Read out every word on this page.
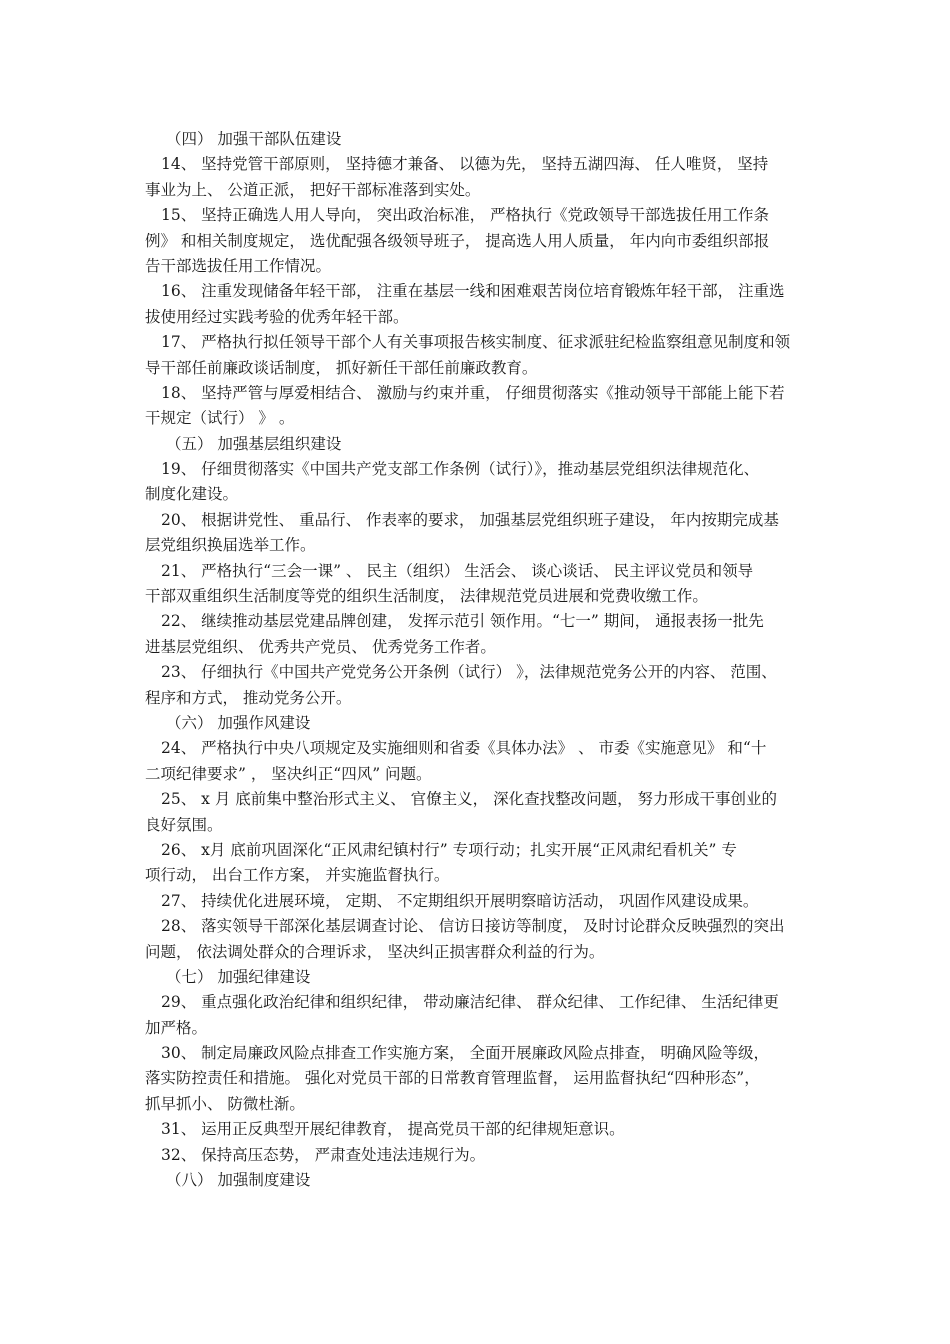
（四） 加强干部队伍建设
14、 坚持党管干部原则， 坚持德才兼备、 以德为先， 坚持五湖四海、 任人唯贤， 坚持
事业为上、 公道正派， 把好干部标准落到实处。
15、 坚持正确选人用人导向， 突出政治标准， 严格执行《党政领导干部选拔任用工作条
例》 和相关制度规定， 选优配强各级领导班子， 提高选人用人质量， 年内向市委组织部报
告干部选拔任用工作情况。
16、 注重发现储备年轻干部， 注重在基层一线和困难艰苦岗位培育锻炼年轻干部， 注重选
拔使用经过实践考验的优秀年轻干部。
17、 严格执行拟任领导干部个人有关事项报告核实制度、征求派驻纪检监察组意见制度和领
导干部任前廉政谈话制度， 抓好新任干部任前廉政教育。
18、 坚持严管与厚爱相结合、 激励与约束并重， 仔细贯彻落实《推动领导干部能上能下若
干规定（试行） 》 。
（五） 加强基层组织建设
19、 仔细贯彻落实《中国共产党支部工作条例（试行）》，推动基层党组织法律规范化、
制度化建设。
20、 根据讲党性、 重品行、 作表率的要求， 加强基层党组织班子建设， 年内按期完成基
层党组织换届选举工作。
21、 严格执行“三会一课” 、 民主（组织） 生活会、 谈心谈话、 民主评议党员和领导
干部双重组织生活制度等党的组织生活制度， 法律规范党员进展和党费收缴工作。
22、 继续推动基层党建品牌创建， 发挥示范引 领作用。“七一” 期间， 通报表扬一批先
进基层党组织、 优秀共产党员、 优秀党务工作者。
23、 仔细执行《中国共产党党务公开条例（试行） 》，法律规范党务公开的内容、 范围、
程序和方式， 推动党务公开。
（六） 加强作风建设
24、 严格执行中央八项规定及实施细则和省委《具体办法》 、 市委《实施意见》 和“十
二项纪律要求” ， 坚决纠正“四风” 问题。
25、 x 月 底前集中整治形式主义、 官僚主义， 深化查找整改问题， 努力形成干事创业的
良好氛围。
26、 x月 底前巩固深化“正风肃纪镇村行” 专项行动；扎实开展“正风肃纪看机关” 专
项行动， 出台工作方案， 并实施监督执行。
27、 持续优化进展环境， 定期、 不定期组织开展明察暗访活动， 巩固作风建设成果。
28、 落实领导干部深化基层调查讨论、 信访日接访等制度， 及时讨论群众反映强烈的突出
问题， 依法调处群众的合理诉求， 坚决纠正损害群众利益的行为。
（七） 加强纪律建设
29、 重点强化政治纪律和组织纪律， 带动廉洁纪律、 群众纪律、 工作纪律、 生活纪律更
加严格。
30、 制定局廉政风险点排查工作实施方案， 全面开展廉政风险点排查， 明确风险等级，
落实防控责任和措施。 强化对党员干部的日常教育管理监督， 运用监督执纪“四种形态”，
抓早抓小、 防微杜渐。
31、 运用正反典型开展纪律教育， 提高党员干部的纪律规矩意识。
32、 保持高压态势， 严肃查处违法违规行为。
（八） 加强制度建设
